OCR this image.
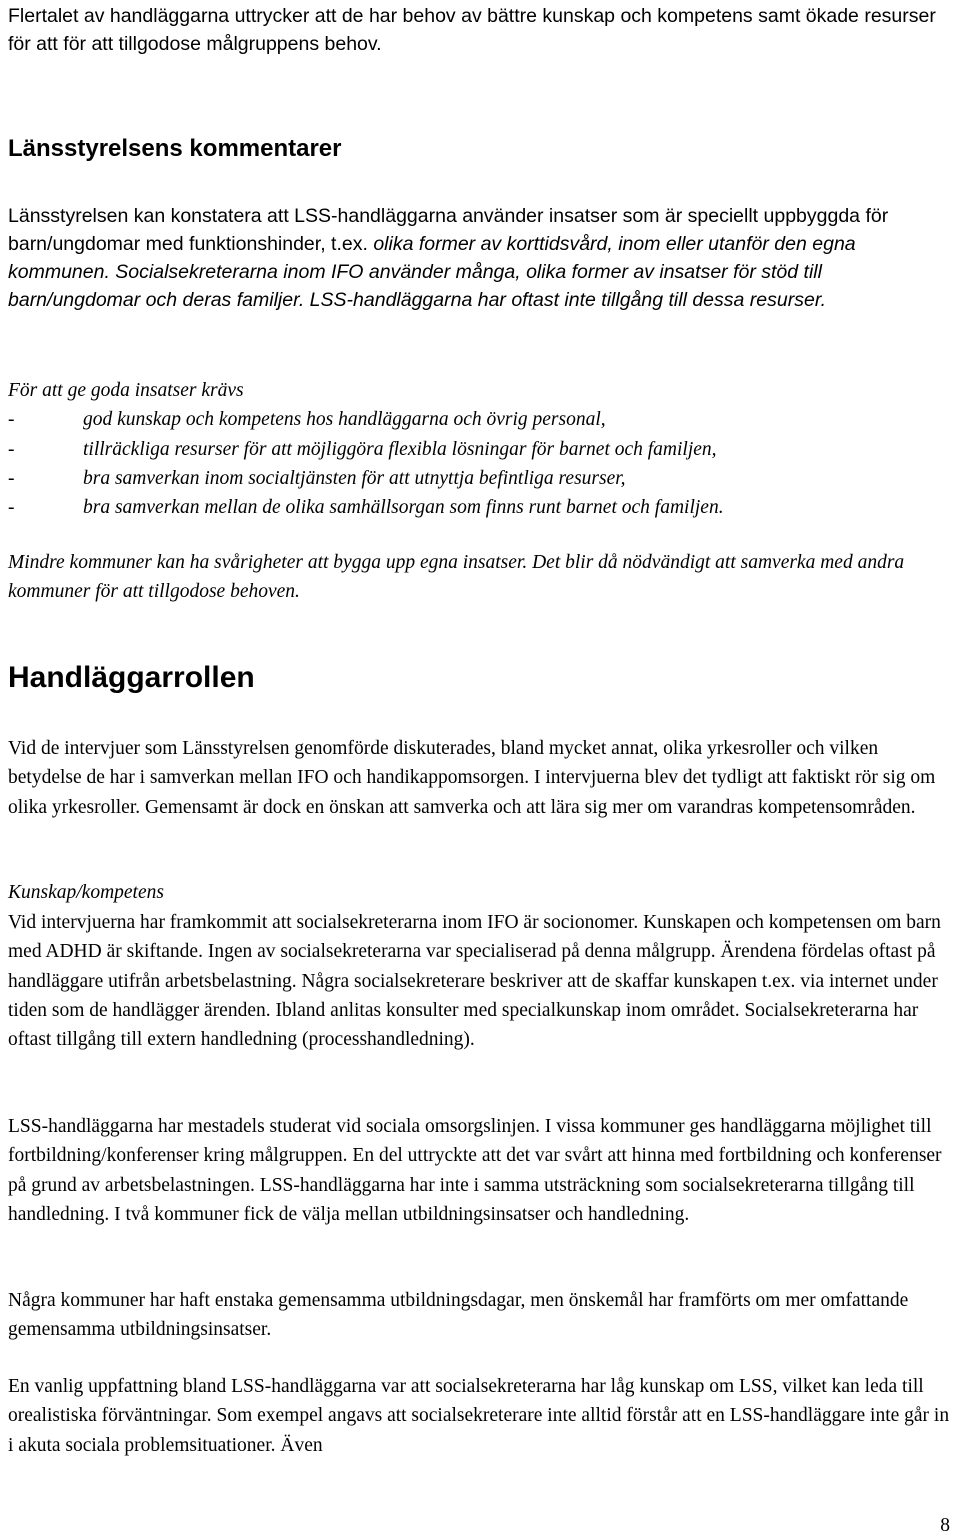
Flertalet av handläggarna uttrycker att de har behov av bättre kunskap och kompetens samt ökade resurser för att för att tillgodose målgruppens behov.

Länsstyrelsens kommentarer

Länsstyrelsen kan konstatera att LSS-handläggarna använder insatser som är speciellt uppbyggda för barn/ungdomar med funktionshinder, t.ex. olika former av korttidsvård, inom eller utanför den egna kommunen. Socialsekreterarna inom IFO använder många, olika former av insatser för stöd till barn/ungdomar och deras familjer. LSS-handläggarna har oftast inte tillgång till dessa resurser.

För att ge goda insatser krävs
-	god kunskap och kompetens hos handläggarna och övrig personal,
-	tillräckliga resurser för att möjliggöra flexibla lösningar för barnet och familjen,
-	bra samverkan inom socialtjänsten för att utnyttja befintliga resurser,
-	bra samverkan mellan de olika samhällsorgan som finns runt barnet och familjen.

Mindre kommuner kan ha svårigheter att bygga upp egna insatser. Det blir då nödvändigt att samverka med andra kommuner för att tillgodose behoven.

Handläggarrollen

Vid de intervjuer som Länsstyrelsen genomförde diskuterades, bland mycket annat, olika yrkesroller och vilken betydelse de har i samverkan mellan IFO och handikappomsorgen. I intervjuerna blev det tydligt att faktiskt rör sig om olika yrkesroller. Gemensamt är dock en önskan att samverka och att lära sig mer om varandras kompetensområden.

Kunskap/kompetens

Vid intervjuerna har framkommit att socialsekreterarna inom IFO är socionomer. Kunskapen och kompetensen om barn med ADHD är skiftande. Ingen av socialsekreterarna var specialiserad på denna målgrupp. Ärendena fördelas oftast på handläggare utifrån arbetsbelastning. Några socialsekreterare beskriver att de skaffar kunskapen t.ex. via internet under tiden som de handlägger ärenden. Ibland anlitas konsulter med specialkunskap inom området. Socialsekreterarna har oftast tillgång till extern handledning (processhandledning).

LSS-handläggarna har mestadels studerat vid sociala omsorgslinjen. I vissa kommuner ges handläggarna möjlighet till fortbildning/konferenser kring målgruppen. En del uttryckte att det var svårt att hinna med fortbildning och konferenser på grund av arbetsbelastningen. LSS-handläggarna har inte i samma utsträckning som socialsekreterarna tillgång till handledning. I två kommuner fick de välja mellan utbildningsinsatser och handledning.

Några kommuner har haft enstaka gemensamma utbildningsdagar, men önskemål har framförts om mer omfattande gemensamma utbildningsinsatser.

En vanlig uppfattning bland LSS-handläggarna var att socialsekreterarna har låg kunskap om LSS, vilket kan leda till orealistiska förväntningar. Som exempel angavs att socialsekreterare inte alltid förstår att en LSS-handläggare inte går in i akuta sociala problemsituationer. Även

8
